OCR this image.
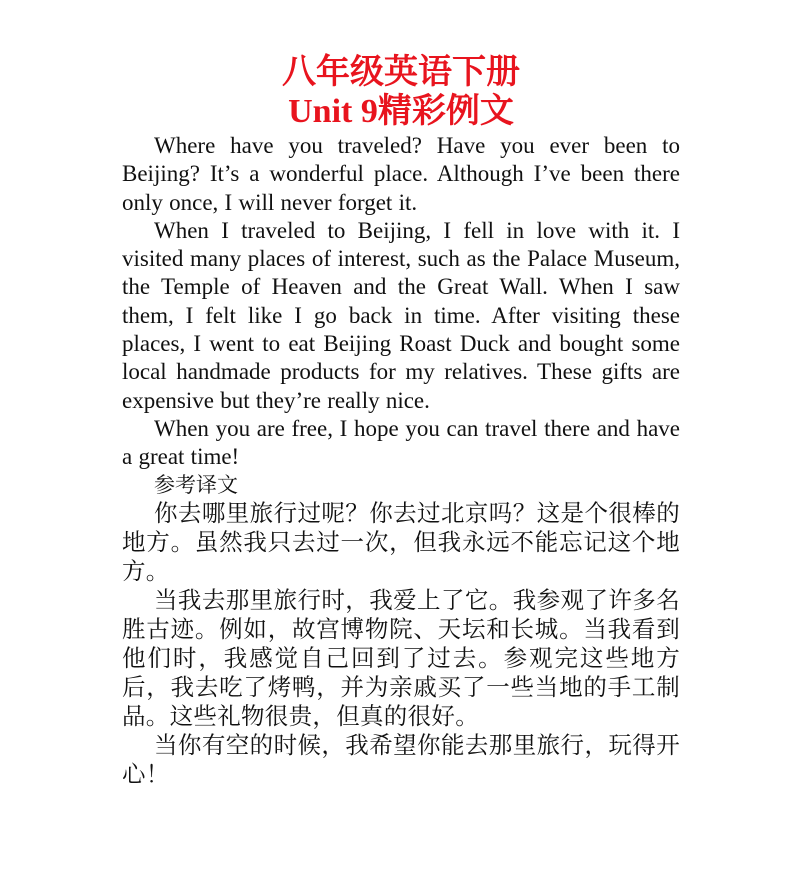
八年级英语下册
Unit 9精彩例文

Where have you traveled? Have you ever been to Beijing? It’s a wonderful place. Although I’ve been there only once, I will never forget it.

When I traveled to Beijing, I fell in love with it. I visited many places of interest, such as the Palace Museum, the Temple of Heaven and the Great Wall. When I saw them, I felt like I go back in time. After visiting these places, I went to eat Beijing Roast Duck and bought some local handmade products for my relatives. These gifts are expensive but they’re really nice.

When you are free, I hope you can travel there and have a great time!

参考译文

你去哪里旅行过呢？你去过北京吗？这是个很棒的地方。虽然我只去过一次，但我永远不能忘记这个地方。

当我去那里旅行时，我爱上了它。我参观了许多名胜古迹。例如，故宫博物院、天坛和长城。当我看到他们时，我感觉自己回到了过去。参观完这些地方后，我去吃了烤鸭，并为亲戚买了一些当地的手工制品。这些礼物很贵，但真的很好。

当你有空的时候，我希望你能去那里旅行，玩得开心！
